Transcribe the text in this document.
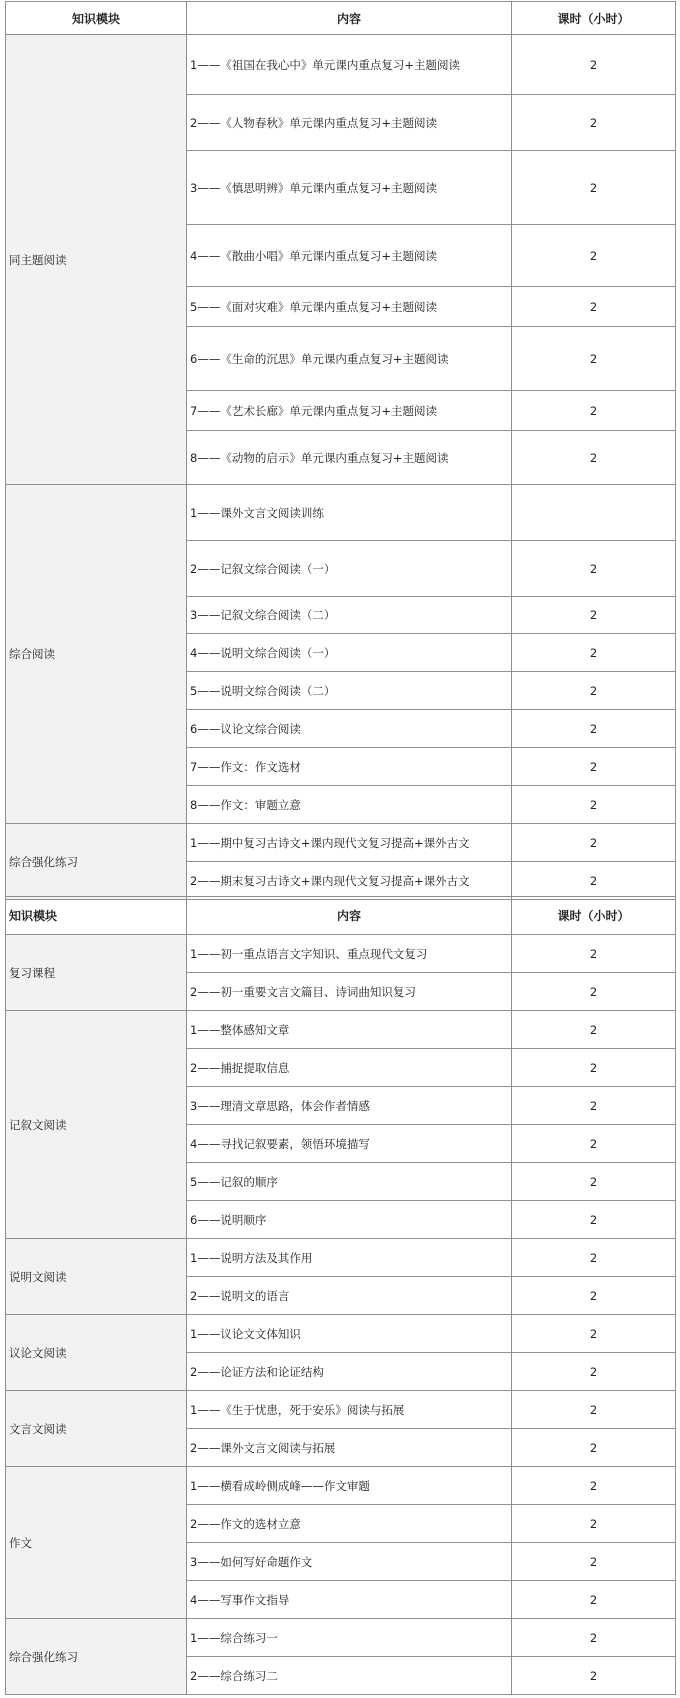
知识模块	内容	课时（小时）
同主题阅读	1——《祖国在我心中》单元课内重点复习+主题阅读	2
	2——《人物春秋》单元课内重点复习+主题阅读	2
	3——《慎思明辨》单元课内重点复习+主题阅读	2
	4——《散曲小唱》单元课内重点复习+主题阅读	2
	5——《面对灾难》单元课内重点复习+主题阅读	2
	6——《生命的沉思》单元课内重点复习+主题阅读	2
	7——《艺术长廊》单元课内重点复习+主题阅读	2
	8——《动物的启示》单元课内重点复习+主题阅读	2
综合阅读	1——课外文言文阅读训练	
	2——记叙文综合阅读（一）	2
	3——记叙文综合阅读（二）	2
	4——说明文综合阅读（一）	2
	5——说明文综合阅读（二）	2
	6——议论文综合阅读	2
	7——作文：作文选材	2
	8——作文：审题立意	2
综合强化练习	1——期中复习古诗文+课内现代文复习提高+课外古文	2
	2——期末复习古诗文+课内现代文复习提高+课外古文	2
知识模块	内容	课时（小时）
复习课程	1——初一重点语言文字知识、重点现代文复习	2
	2——初一重要文言文篇目、诗词曲知识复习	2
记叙文阅读	1——整体感知文章	2
	2——捕捉提取信息	2
	3——理清文章思路，体会作者情感	2
	4——寻找记叙要素，领悟环境描写	2
	5——记叙的顺序	2
	6——说明顺序	2
说明文阅读	1——说明方法及其作用	2
	2——说明文的语言	2
议论文阅读	1——议论文文体知识	2
	2——论证方法和论证结构	2
文言文阅读	1——《生于忧患，死于安乐》阅读与拓展	2
	2——课外文言文阅读与拓展	2
作文	1——横看成岭侧成峰——作文审题	2
	2——作文的选材立意	2
	3——如何写好命题作文	2
	4——写事作文指导	2
综合强化练习	1——综合练习一	2
	2——综合练习二	2
